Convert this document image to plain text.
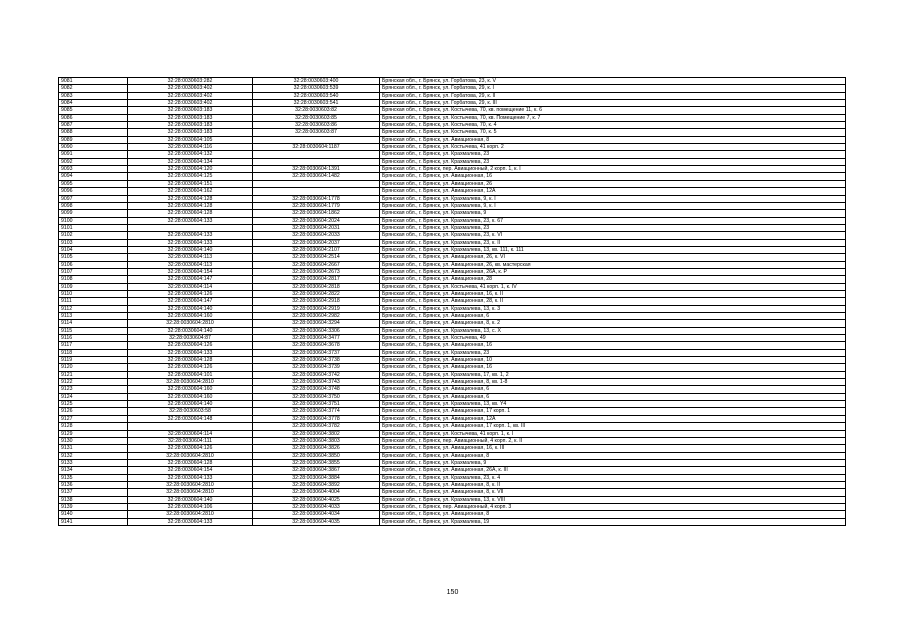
9081	32:28:0030603:282	32:28:0030603:400	Брянская обл., г. Брянск, ул. Горбатова, 23, к. V
9082	32:28:0030603:402	32:28:0030603:539	Брянская обл., г. Брянск, ул. Горбатова, 29, к. I
9083	32:28:0030603:402	32:28:0030603:540	Брянская обл., г. Брянск, ул. Горбатова, 29, к. II
9084	32:28:0030603:402	32:28:0030603:541	Брянская обл., г. Брянск, ул. Горбатова, 29, к. III
9085	32:28:0030603:183	32:28:0030603:82	Брянская обл., г. Брянск, ул. Костычева, 70, кв. помещение 11, к. 6
9086	32:28:0030603:183	32:28:0030603:85	Брянская обл., г. Брянск, ул. Костычева, 70, кв. Помещение 7, к. 7
9087	32:28:0030603:183	32:28:0030603:86	Брянская обл., г. Брянск, ул. Костычева, 70, к. 4
9088	32:28:0030603:183	32:28:0030603:87	Брянская обл., г. Брянск, ул. Костычева, 70, к. 5
9089	32:28:0030604:105		Брянская обл., г. Брянск, ул. Авиационная, 8
9090	32:28:0030604:116	32:28:0030604:1187	Брянская обл., г. Брянск, ул. Костычева, 41 корп. 2
9091	32:28:0030604:132		Брянская обл., г. Брянск, ул. Крахмалева, 23
9092	32:28:0030604:134		Брянская обл., г. Брянск, ул. Крахмалева, 23
9093	32:28:0030604:120	32:28:0030604:1391	Брянская обл., г. Брянск, пер. Авиационный, 2 корп. 1, к. I
9094	32:28:0030604:125	32:28:0030604:1482	Брянская обл., г. Брянск, ул. Авиационная, 16
9095	32:28:0030604:151		Брянская обл., г. Брянск, ул. Авиационная, 26
9096	32:28:0030604:162		Брянская обл., г. Брянск, ул. Авиационная, 12А
9097	32:28:0030604:128	32:28:0030604:1778	Брянская обл., г. Брянск, ул. Крахмалева, 9, к. I
9098	32:28:0030604:128	32:28:0030604:1779	Брянская обл., г. Брянск, ул. Крахмалева, 9, к. I
9099	32:28:0030604:128	32:28:0030604:1862	Брянская обл., г. Брянск, ул. Крахмалева, 9
9100	32:28:0030604:133	32:28:0030604:2024	Брянская обл., г. Брянск, ул. Крахмалева, 23, к. 67
9101		32:28:0030604:2031	Брянская обл., г. Брянск, ул. Крахмалева, 23
9102	32:28:0030604:133	32:28:0030604:2033	Брянская обл., г. Брянск, ул. Крахмалева, 23, к. VI
9103	32:28:0030604:133	32:28:0030604:2037	Брянская обл., г. Брянск, ул. Крахмалева, 23, к. II
9104	32:28:0030604:140	32:28:0030604:2107	Брянская обл., г. Брянск, ул. Крахмалева, 13, кв. 111, к. 111
9105	32:28:0030604:113	32:28:0030604:2514	Брянская обл., г. Брянск, ул. Авиационная, 26, к. VI
9106	32:28:0030604:113	32:28:0030604:2667	Брянская обл., г. Брянск, ул. Авиационная, 26, кв. мастерская
9107	32:28:0030604:154	32:28:0030604:2673	Брянская обл., г. Брянск, ул. Авиационная, 26А, к. Р
9108	32:28:0030604:147	32:28:0030604:2817	Брянская обл., г. Брянск, ул. Авиационная, 28
9109	32:28:0030604:114	32:28:0030604:2818	Брянская обл., г. Брянск, ул. Костычева, 41 корп. 1, к. IV
9110	32:28:0030604:126	32:28:0030604:2822	Брянская обл., г. Брянск, ул. Авиационная, 16, к. II
9111	32:28:0030604:147	32:28:0030604:2918	Брянская обл., г. Брянск, ул. Авиационная, 28, к. II
9112	32:28:0030604:140	32:28:0030604:2919	Брянская обл., г. Брянск, ул. Крахмалева, 13, к. 3
9113	32:28:0030604:160	32:28:0030604:2982	Брянская обл., г. Брянск, ул. Авиационная, 6
9114	32:28:0030604:2810	32:28:0030604:3294	Брянская обл., г. Брянск, ул. Авиационная, 8, к. 2
9115	32:28:0030604:140	32:28:0030604:3306	Брянская обл., г. Брянск, ул. Крахмалева, 13, с. X
9116	32:28:0030604:87	32:28:0030604:3477	Брянская обл., г. Брянск, ул. Костычева, 49
9117	32:28:0030604:126	32:28:0030604:3678	Брянская обл., г. Брянск, ул. Авиационная, 16
9118	32:28:0030604:133	32:28:0030604:3737	Брянская обл., г. Брянск, ул. Крахмалева, 23
9119	32:28:0030604:128	32:28:0030604:3738	Брянская обл., г. Брянск, ул. Авиационная, 10
9120	32:28:0030604:126	32:28:0030604:3739	Брянская обл., г. Брянск, ул. Авиационная, 16
9121	32:28:0030604:101	32:28:0030604:3742	Брянская обл., г. Брянск, ул. Крахмалева, 17, кв. 1, 2
9122	32:28:0030604:2810	32:28:0030604:3743	Брянская обл., г. Брянск, ул. Авиационная, 8, кв. 1-8
9123	32:28:0030604:160	32:28:0030604:3748	Брянская обл., г. Брянск, ул. Авиационная, 6
9124	32:28:0030604:160	32:28:0030604:3750	Брянская обл., г. Брянск, ул. Авиационная, 6
9125	32:28:0030604:140	32:28:0030604:3751	Брянская обл., г. Брянск, ул. Крахмалева, 13, кв. Y4
9126	32:28:0030603:58	32:28:0030604:3774	Брянская обл., г. Брянск, ул. Авиационная, 17 корп. 1
9127	32:28:0030604:148	32:28:0030604:3778	Брянская обл., г. Брянск, ул. Авиационная, 12А
9128		32:28:0030604:3782	Брянская обл., г. Брянск, ул. Авиационная, 17 корп. 1, кв. III
9129	32:28:0030604:114	32:28:0030604:3802	Брянская обл., г. Брянск, ул. Костычева, 41 корп. 1, к. I
9130	32:28:0030604:111	32:28:0030604:3803	Брянская обл., г. Брянск, пер. Авиационный, 4 корп. 2, к. II
9131	32:28:0030604:126	32:28:0030604:3826	Брянская обл., г. Брянск, ул. Авиационная, 16, к. III
9132	32:28:0030604:2810	32:28:0030604:3850	Брянская обл., г. Брянск, ул. Авиационная, 8
9133	32:28:0030604:128	32:28:0030604:3855	Брянская обл., г. Брянск, ул. Крахмалева, 9
9134	32:28:0030604:154	32:28:0030604:3867	Брянская обл., г. Брянск, ул. Авиационная, 26А, к. III
9135	32:28:0030604:133	32:28:0030604:3884	Брянская обл., г. Брянск, ул. Крахмалева, 23, к. 4
9136	32:28:0030604:2810	32:28:0030604:3892	Брянская обл., г. Брянск, ул. Авиационная, 8, к. II
9137	32:28:0030604:2810	32:28:0030604:4004	Брянская обл., г. Брянск, ул. Авиационная, 8, к. VII
9138	32:28:0030604:140	32:28:0030604:4025	Брянская обл., г. Брянск, ул. Крахмалева, 13, к. VIII
9139	32:28:0030604:106	32:28:0030604:4033	Брянская обл., г. Брянск, пер. Авиационный, 4 корп. 3
9140	32:28:0030604:2810	32:28:0030604:4034	Брянская обл., г. Брянск, ул. Авиационная, 8
9141	32:28:0030604:133	32:28:0030604:4035	Брянская обл., г. Брянск, ул. Крахмалева, 19
150
